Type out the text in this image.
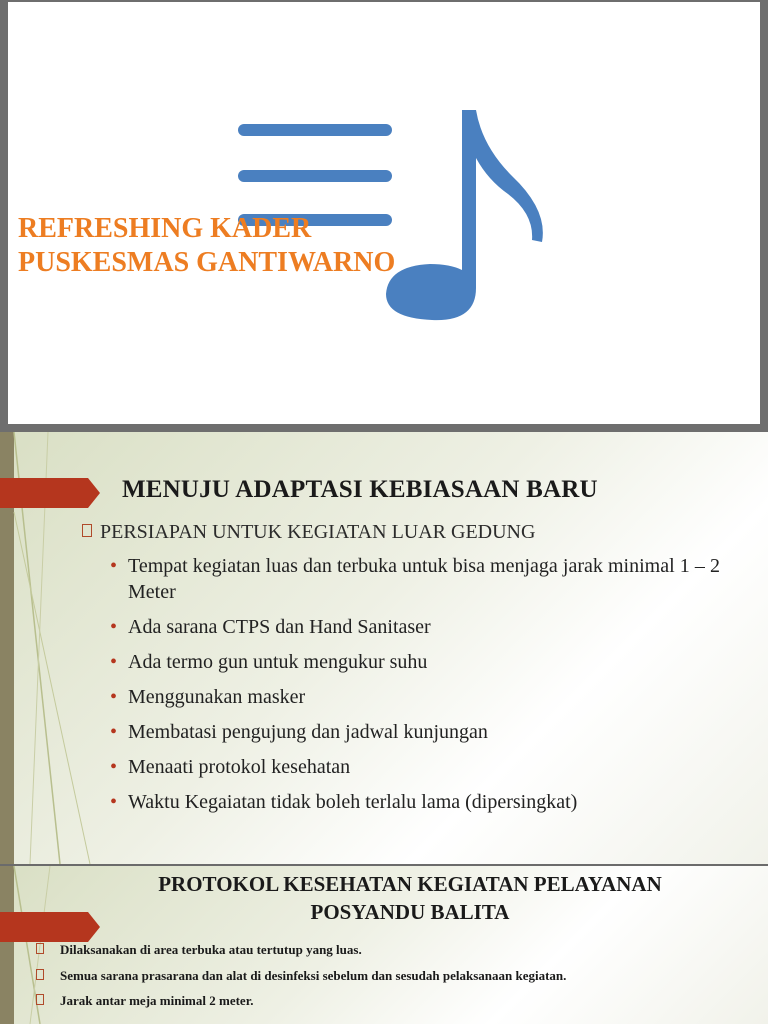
REFRESHING KADER
PUSKESMAS GANTIWARNO
MENUJU ADAPTASI KEBIASAAN BARU
PERSIAPAN UNTUK KEGIATAN LUAR GEDUNG
• Tempat kegiatan luas dan terbuka untuk bisa menjaga jarak minimal 1 – 2 Meter
• Ada sarana CTPS dan Hand Sanitaser
• Ada termo gun untuk mengukur suhu
• Menggunakan masker
• Membatasi pengujung dan jadwal kunjungan
• Menaati protokol kesehatan
• Waktu Kegaiatan tidak boleh terlalu lama (dipersingkat)
PROTOKOL KESEHATAN KEGIATAN PELAYANAN
POSYANDU BALITA
Dilaksanakan di area terbuka atau tertutup yang luas.
Semua sarana prasarana dan alat di desinfeksi sebelum dan sesudah pelaksanaan kegiatan.
Jarak antar meja minimal 2 meter.
